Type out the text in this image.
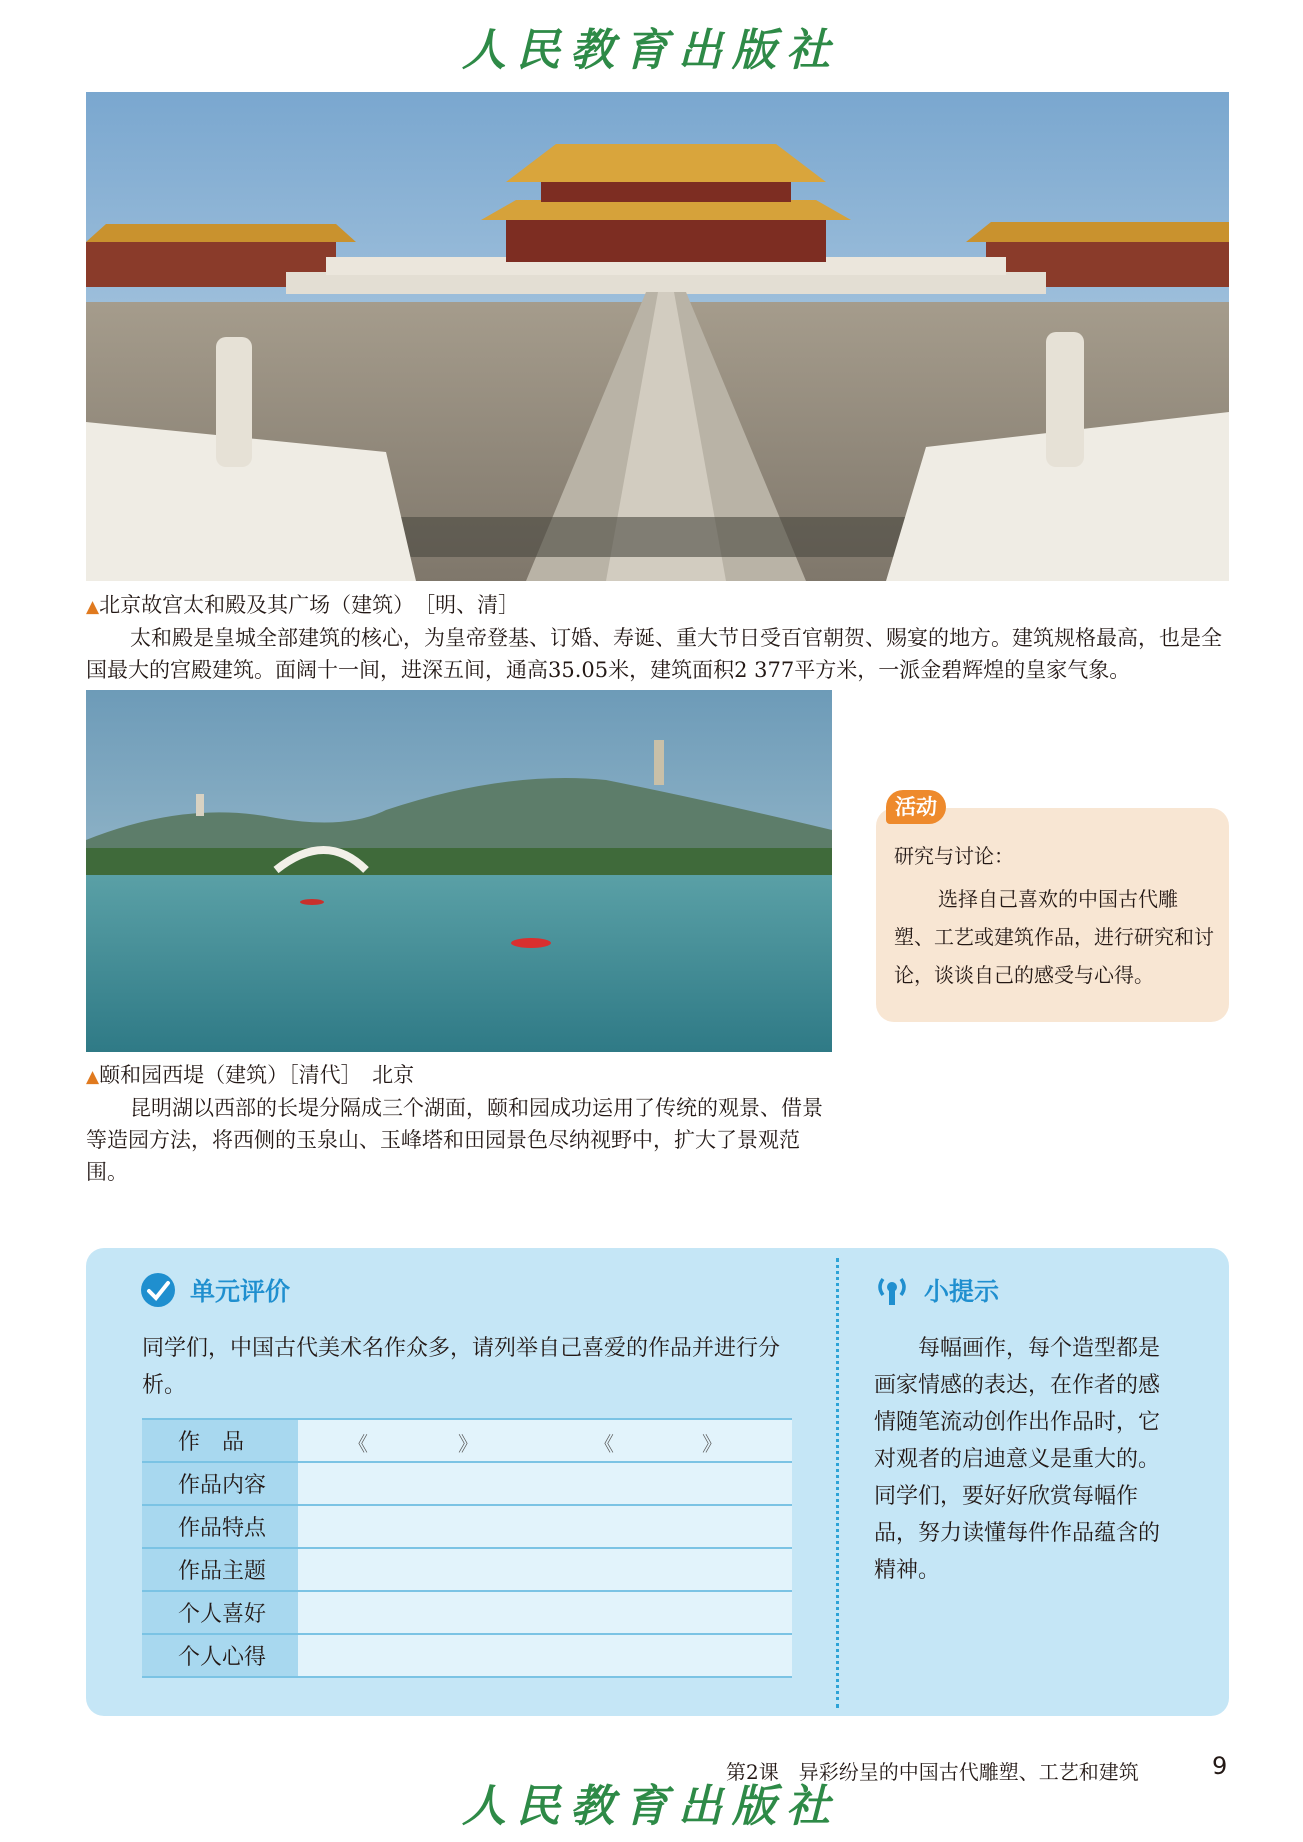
人民教育出版社
▲北京故宫太和殿及其广场（建筑）　 ［明、清］
太和殿是皇城全部建筑的核心，为皇帝登基、订婚、寿诞、重大节日受百官朝贺、赐宴的地方。建筑规格最高，也是全国最大的宫殿建筑。面阔十一间，进深五间，通高35.05米，建筑面积2 377平方米，一派金碧辉煌的皇家气象。
▲颐和园西堤（建筑）［清代］　 北京
昆明湖以西部的长堤分隔成三个湖面，颐和园成功运用了传统的观景、借景等造园方法，将西侧的玉泉山、玉峰塔和田园景色尽纳视野中，扩大了景观范围。
活动
研究与讨论：
选择自己喜欢的中国古代雕塑、工艺或建筑作品，进行研究和讨论，谈谈自己的感受与心得。
单元评价
同学们，中国古代美术名作众多，请列举自己喜爱的作品并进行分析。
作　品	《 》 《 》

作品内容	
作品特点	
作品主题	
个人喜好	
个人心得	
小提示
每幅画作，每个造型都是画家情感的表达，在作者的感情随笔流动创作出作品时，它对观者的启迪意义是重大的。同学们，要好好欣赏每幅作品，努力读懂每件作品蕴含的精神。
第2课　异彩纷呈的中国古代雕塑、工艺和建筑	9
人民教育出版社
